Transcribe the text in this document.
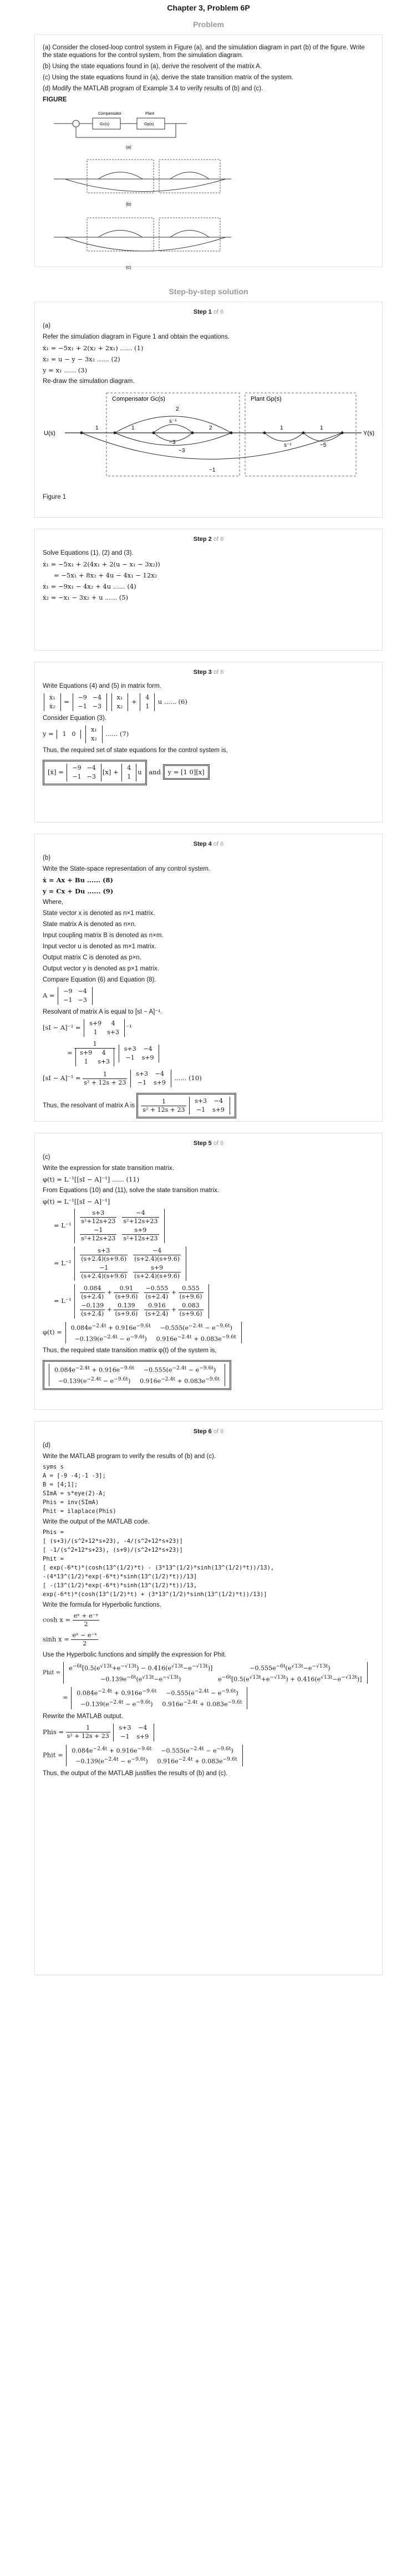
Chapter 3, Problem 6P
Problem
(a) Consider the closed-loop control system in Figure (a), and the simulation diagram in part (b) of the figure. Write the state equations for the control system, from the simulation diagram.
(b) Using the state equations found in (a), derive the resolvent of the matrix A.
(c) Using the state equations found in (a), derive the state transition matrix of the system.
(d) Modify the MATLAB program of Example 3.4 to verify results of (b) and (c).
FIGURE
Compensator	Plant
Gc(s)	Gp(s)
(a)
(b)
(c)
Step-by-step solution
Step 1 of 6
(a)
Refer the simulation diagram in Figure 1 and obtain the equations.
ẋ₁ = −5x₁ + 2(x₂ + 2x₁) ...... (1)
ẋ₂ = u − y − 3x₂ ...... (2)
y = x₁ ...... (3)
Re-draw the simulation diagram.
Compensator Gc(s)	Plant Gp(s)
U(s)	Y(s)
1	1
s⁻¹
−3
2
2
−3
1	1
s⁻¹	−5
−1
Figure 1
Step 2 of 6
Solve Equations (1), (2) and (3).
ẋ₁ = −5x₁ + 2(4x₁ + 2(u − x₁ − 3x₂))
= −5x₁ + 8x₂ + 4u − 4x₁ − 12x₂
ẋ₁ = −9x₁ − 4x₂ + 4u ...... (4)
ẋ₂ = −x₁ − 3x₂ + u ...... (5)
Step 3 of 6
Write Equations (4) and (5) in matrix form.
ẋ₁
ẋ₂
=
−9	−4
−1	−3

x₁
x₂
+
4
1
u ...... (6)
Consider Equation (3).
y = 1	0

x₁
x₂
...... (7)
Thus, the required set of state equations for the control system is,
[ẋ] =
−9	−4
−1	−3
[x] +
4
1
u and y = [1 0][x]
Step 4 of 6
(b)
Write the State-space representation of any control system.
ẋ = Ax + Bu ...... (8)
y = Cx + Du ...... (9)
Where,
State vector x is denoted as n×1 matrix.
State matrix A is denoted as n×n.
Input coupling matrix B is denoted as n×m.
Input vector u is denoted as m×1 matrix.
Output matrix C is denoted as p×n.
Output vector y is denoted as p×1 matrix.
Compare Equation (6) and Equation (8).
A =
−9	−4
−1	−3
Resolvant of matrix A is equal to [sI − A]⁻¹.
[sI − A]⁻¹ =
s+9	4
1	s+3
⁻¹
= 1
s+9	4
1	s+3
s+3	−4
−1	s+9
$[sI - A]^{-1} = \frac{1}{\text{s² + 12s + 23}}$
s+3	−4
−1	s+9
...... (10)
Thus, the resolvant of matrix A is $\frac{1}{\text{s² + 12s + 23}}$
s+3	−4
−1	s+9
Step 5 of 6
(c)
Write the expression for state transition matrix.
φ(t) = L⁻¹[[sI − A]⁻¹] ...... (11)
From Equations (10) and (11), solve the state transition matrix.
φ(t) = L⁻¹[[sI − A]⁻¹]
= $L^{-1} \frac{s+3}{\text{s²+12s+23}}$	$\frac{-4}{\text{s²+12s+23}}$

$\frac{-1}{\text{s²+12s+23}}$	$\frac{s+9}{\text{s²+12s+23}}$
= $L^{-1} \frac{s+3}{(s+2.4)(s+9.6)}$	$\frac{-4}{(s+2.4)(s+9.6)}$

$\frac{-1}{(s+2.4)(s+9.6)}$	$\frac{s+9}{(s+2.4)(s+9.6)}$
= $L^{-1} \frac{0.084}{(s+2.4)} + \frac{0.91}{(s+9.6)}$	$\frac{-0.555}{(s+2.4)} + \frac{0.555}{(s+9.6)}$

$\frac{-0.139}{(s+2.4)} + \frac{0.139}{(s+9.6)}$	$\frac{0.916}{(s+2.4)} + \frac{0.083}{(s+9.6)}$
φ(t) =
$0.084e^{-2.4t} + 0.916e^{-9.6t}$	$-0.555(e^{-2.4t} - e^{-9.6t})$
$-0.139(e^{-2.4t} - e^{-9.6t})$	$0.916e^{-2.4t} + 0.083e^{-9.6t}$
Thus, the required state transition matrix φ(t) of the system is,
$0.084e^{-2.4t} + 0.916e^{-9.6t}$	$-0.555(e^{-2.4t} - e^{-9.6t})$
$-0.139(e^{-2.4t} - e^{-9.6t})$	$0.916e^{-2.4t} + 0.083e^{-9.6t}$
Step 6 of 6
(d)
Write the MATLAB program to verify the results of (b) and (c).
syms s
A = [-9 -4;-1 -3];
B = [4;1];
SImA = s*eye(2)-A;
Phis = inv(SImA)
Phit = ilaplace(Phis)
Write the output of the MATLAB code.
Phis =
[ (s+3)/(s^2+12*s+23), -4/(s^2+12*s+23)]
[ -1/(s^2+12*s+23), (s+9)/(s^2+12*s+23)]
Phit =
[ exp(-6*t)*(cosh(13^(1/2)*t) - (3*13^(1/2)*sinh(13^(1/2)*t))/13),
-(4*13^(1/2)*exp(-6*t)*sinh(13^(1/2)*t))/13]
[ -(13^(1/2)*exp(-6*t)*sinh(13^(1/2)*t))/13,
exp(-6*t)*(cosh(13^(1/2)*t) + (3*13^(1/2)*sinh(13^(1/2)*t))/13)]
Write the formula for Hyperbolic functions.
$\cosh x = \frac{\text{eˣ + e⁻ˣ}}{2}$
$\sinh x = \frac{\text{eˣ − e⁻ˣ}}{2}$
Use the Hyperbolic functions and simplify the expression for Phit.
Phit =
$e^{-6t}[0.5(e^{√13t}+e^{-√13t}) - 0.416(e^{√13t}-e^{-√13t})]$	$-0.555e^{-6t}(e^{√13t}-e^{-√13t})$
$-0.139e^{-6t}(e^{√13t}-e^{-√13t})$	$e^{-6t}[0.5(e^{√13t}+e^{-√13t}) + 0.416(e^{√13t}-e^{-√13t})]$
=
$0.084e^{-2.4t} + 0.916e^{-9.6t}$	$-0.555(e^{-2.4t} - e^{-9.6t})$
$-0.139(e^{-2.4t} - e^{-9.6t})$	$0.916e^{-2.4t} + 0.083e^{-9.6t}$
Rewrite the MATLAB output.
Phis = $\frac{1}{\text{s² + 12s + 23}}$
s+3	−4
−1	s+9
Phit =
$0.084e^{-2.4t} + 0.916e^{-9.6t}$	$-0.555(e^{-2.4t} - e^{-9.6t})$
$-0.139(e^{-2.4t} - e^{-9.6t})$	$0.916e^{-2.4t} + 0.083e^{-9.6t}$
Thus, the output of the MATLAB justifies the results of (b) and (c).
